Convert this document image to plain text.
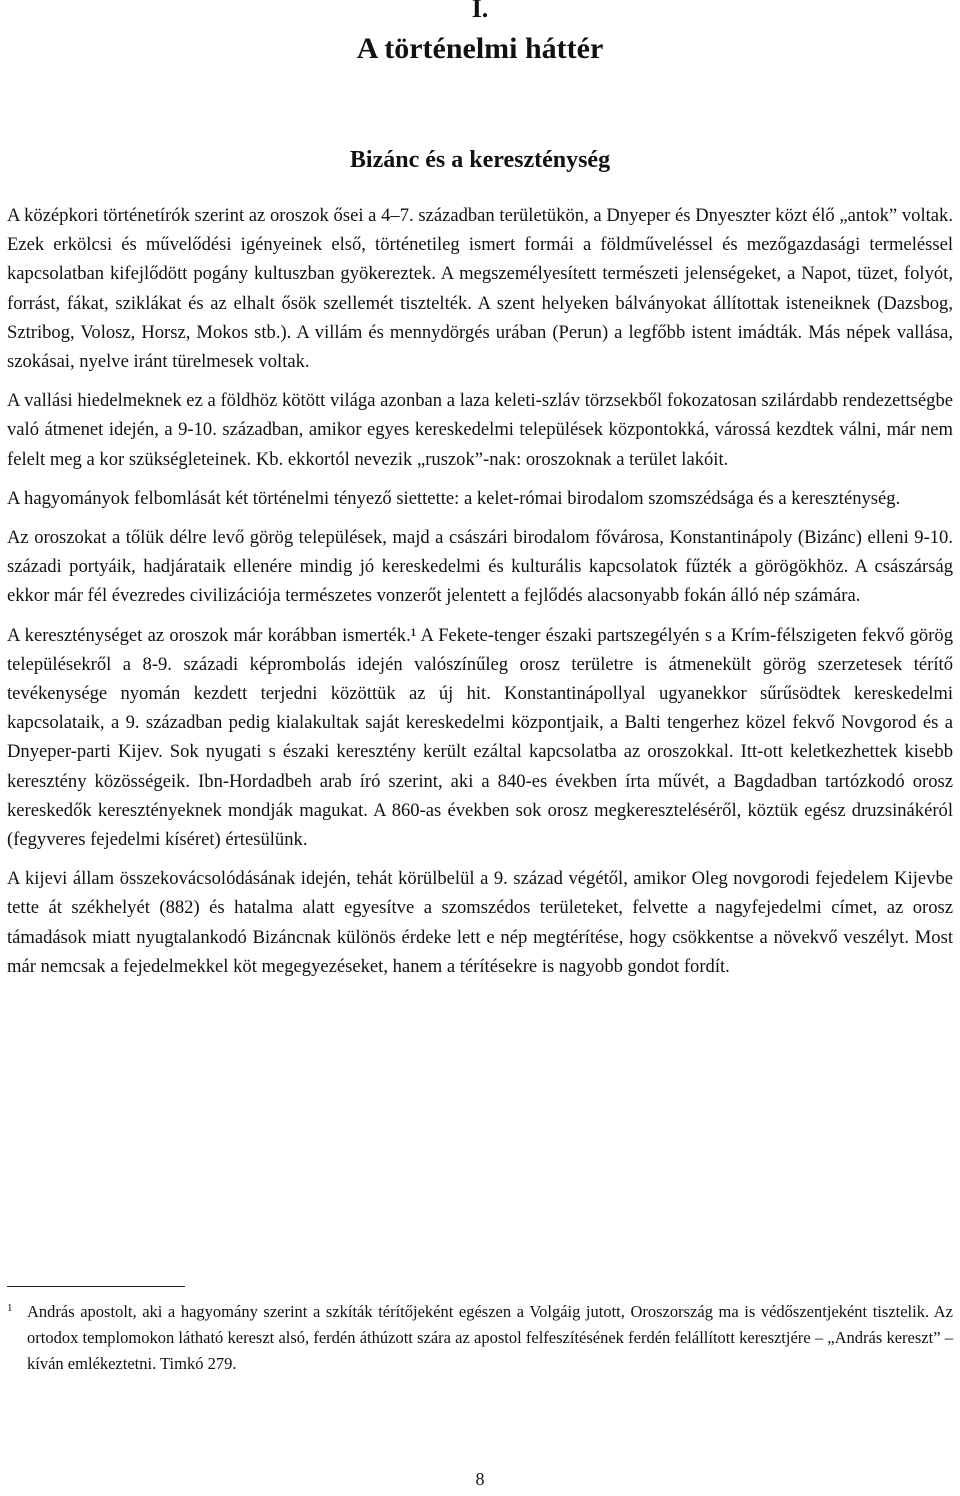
I.
A történelmi háttér
Bizánc és a kereszténység

A középkori történetírók szerint az oroszok ősei a 4–7. században területükön, a Dnyeper és Dnyeszter közt élő „antok” voltak. Ezek erkölcsi és művelődési igényeinek első, történetileg ismert formái a földműveléssel és mezőgazdasági termeléssel kapcsolatban kifejlődött pogány kultuszban gyökereztek. A megszemélyesített természeti jelenségeket, a Napot, tüzet, folyót, forrást, fákat, sziklákat és az elhalt ősök szellemét tisztelték. A szent helyeken bálványokat állítottak isteneiknek (Dazsbog, Sztribog, Volosz, Horsz, Mokos stb.). A villám és mennydörgés urában (Perun) a legfőbb istent imádták. Más népek vallása, szokásai, nyelve iránt türelmesek voltak.

A vallási hiedelmeknek ez a földhöz kötött világa azonban a laza keleti-szláv törzsekből fokozatosan szilárdabb rendezettségbe való átmenet idején, a 9-10. században, amikor egyes kereskedelmi települések központokká, várossá kezdtek válni, már nem felelt meg a kor szükségleteinek. Kb. ekkortól nevezik „ruszok”-nak: oroszoknak a terület lakóit.

A hagyományok felbomlását két történelmi tényező siettette: a kelet-római birodalom szomszédsága és a kereszténység.

Az oroszokat a tőlük délre levő görög települések, majd a császári birodalom fővárosa, Konstantinápoly (Bizánc) elleni 9-10. századi portyáik, hadjárataik ellenére mindig jó kereskedelmi és kulturális kapcsolatok fűzték a görögökhöz. A császárság ekkor már fél évezredes civilizációja természetes vonzerőt jelentett a fejlődés alacsonyabb fokán álló nép számára.

A kereszténységet az oroszok már korábban ismerték.¹ A Fekete-tenger északi partszegélyén s a Krím-félszigeten fekvő görög településekről a 8-9. századi képrombolás idején valószínűleg orosz területre is átmenekült görög szerzetesek térítő tevékenysége nyomán kezdett terjedni közöttük az új hit. Konstantinápollyal ugyanekkor sűrűsödtek kereskedelmi kapcsolataik, a 9. században pedig kialakultak saját kereskedelmi központjaik, a Balti tengerhez közel fekvő Novgorod és a Dnyeper-parti Kijev. Sok nyugati s északi keresztény került ezáltal kapcsolatba az oroszokkal. Itt-ott keletkezhettek kisebb keresztény közösségeik. Ibn-Hordadbeh arab író szerint, aki a 840-es években írta művét, a Bagdadban tartózkodó orosz kereskedők keresztényeknek mondják magukat. A 860-as években sok orosz megkereszteléséről, köztük egész druzsinákéról (fegyveres fejedelmi kíséret) értesülünk.

A kijevi állam összekovácsolódásának idején, tehát körülbelül a 9. század végétől, amikor Oleg novgorodi fejedelem Kijevbe tette át székhelyét (882) és hatalma alatt egyesítve a szomszédos területeket, felvette a nagyfejedelmi címet, az orosz támadások miatt nyugtalankodó Bizáncnak különös érdeke lett e nép megtérítése, hogy csökkentse a növekvő veszélyt. Most már nemcsak a fejedelmekkel köt megegyezéseket, hanem a térítésekre is nagyobb gondot fordít.

1 András apostolt, aki a hagyomány szerint a szkíták térítőjeként egészen a Volgáig jutott, Oroszország ma is védőszentjeként tisztelik. Az ortodox templomokon látható kereszt alsó, ferdén áthúzott szára az apostol felfeszítésének ferdén felállított keresztjére – „András kereszt” – kíván emlékeztetni. Timkó 279.
8
